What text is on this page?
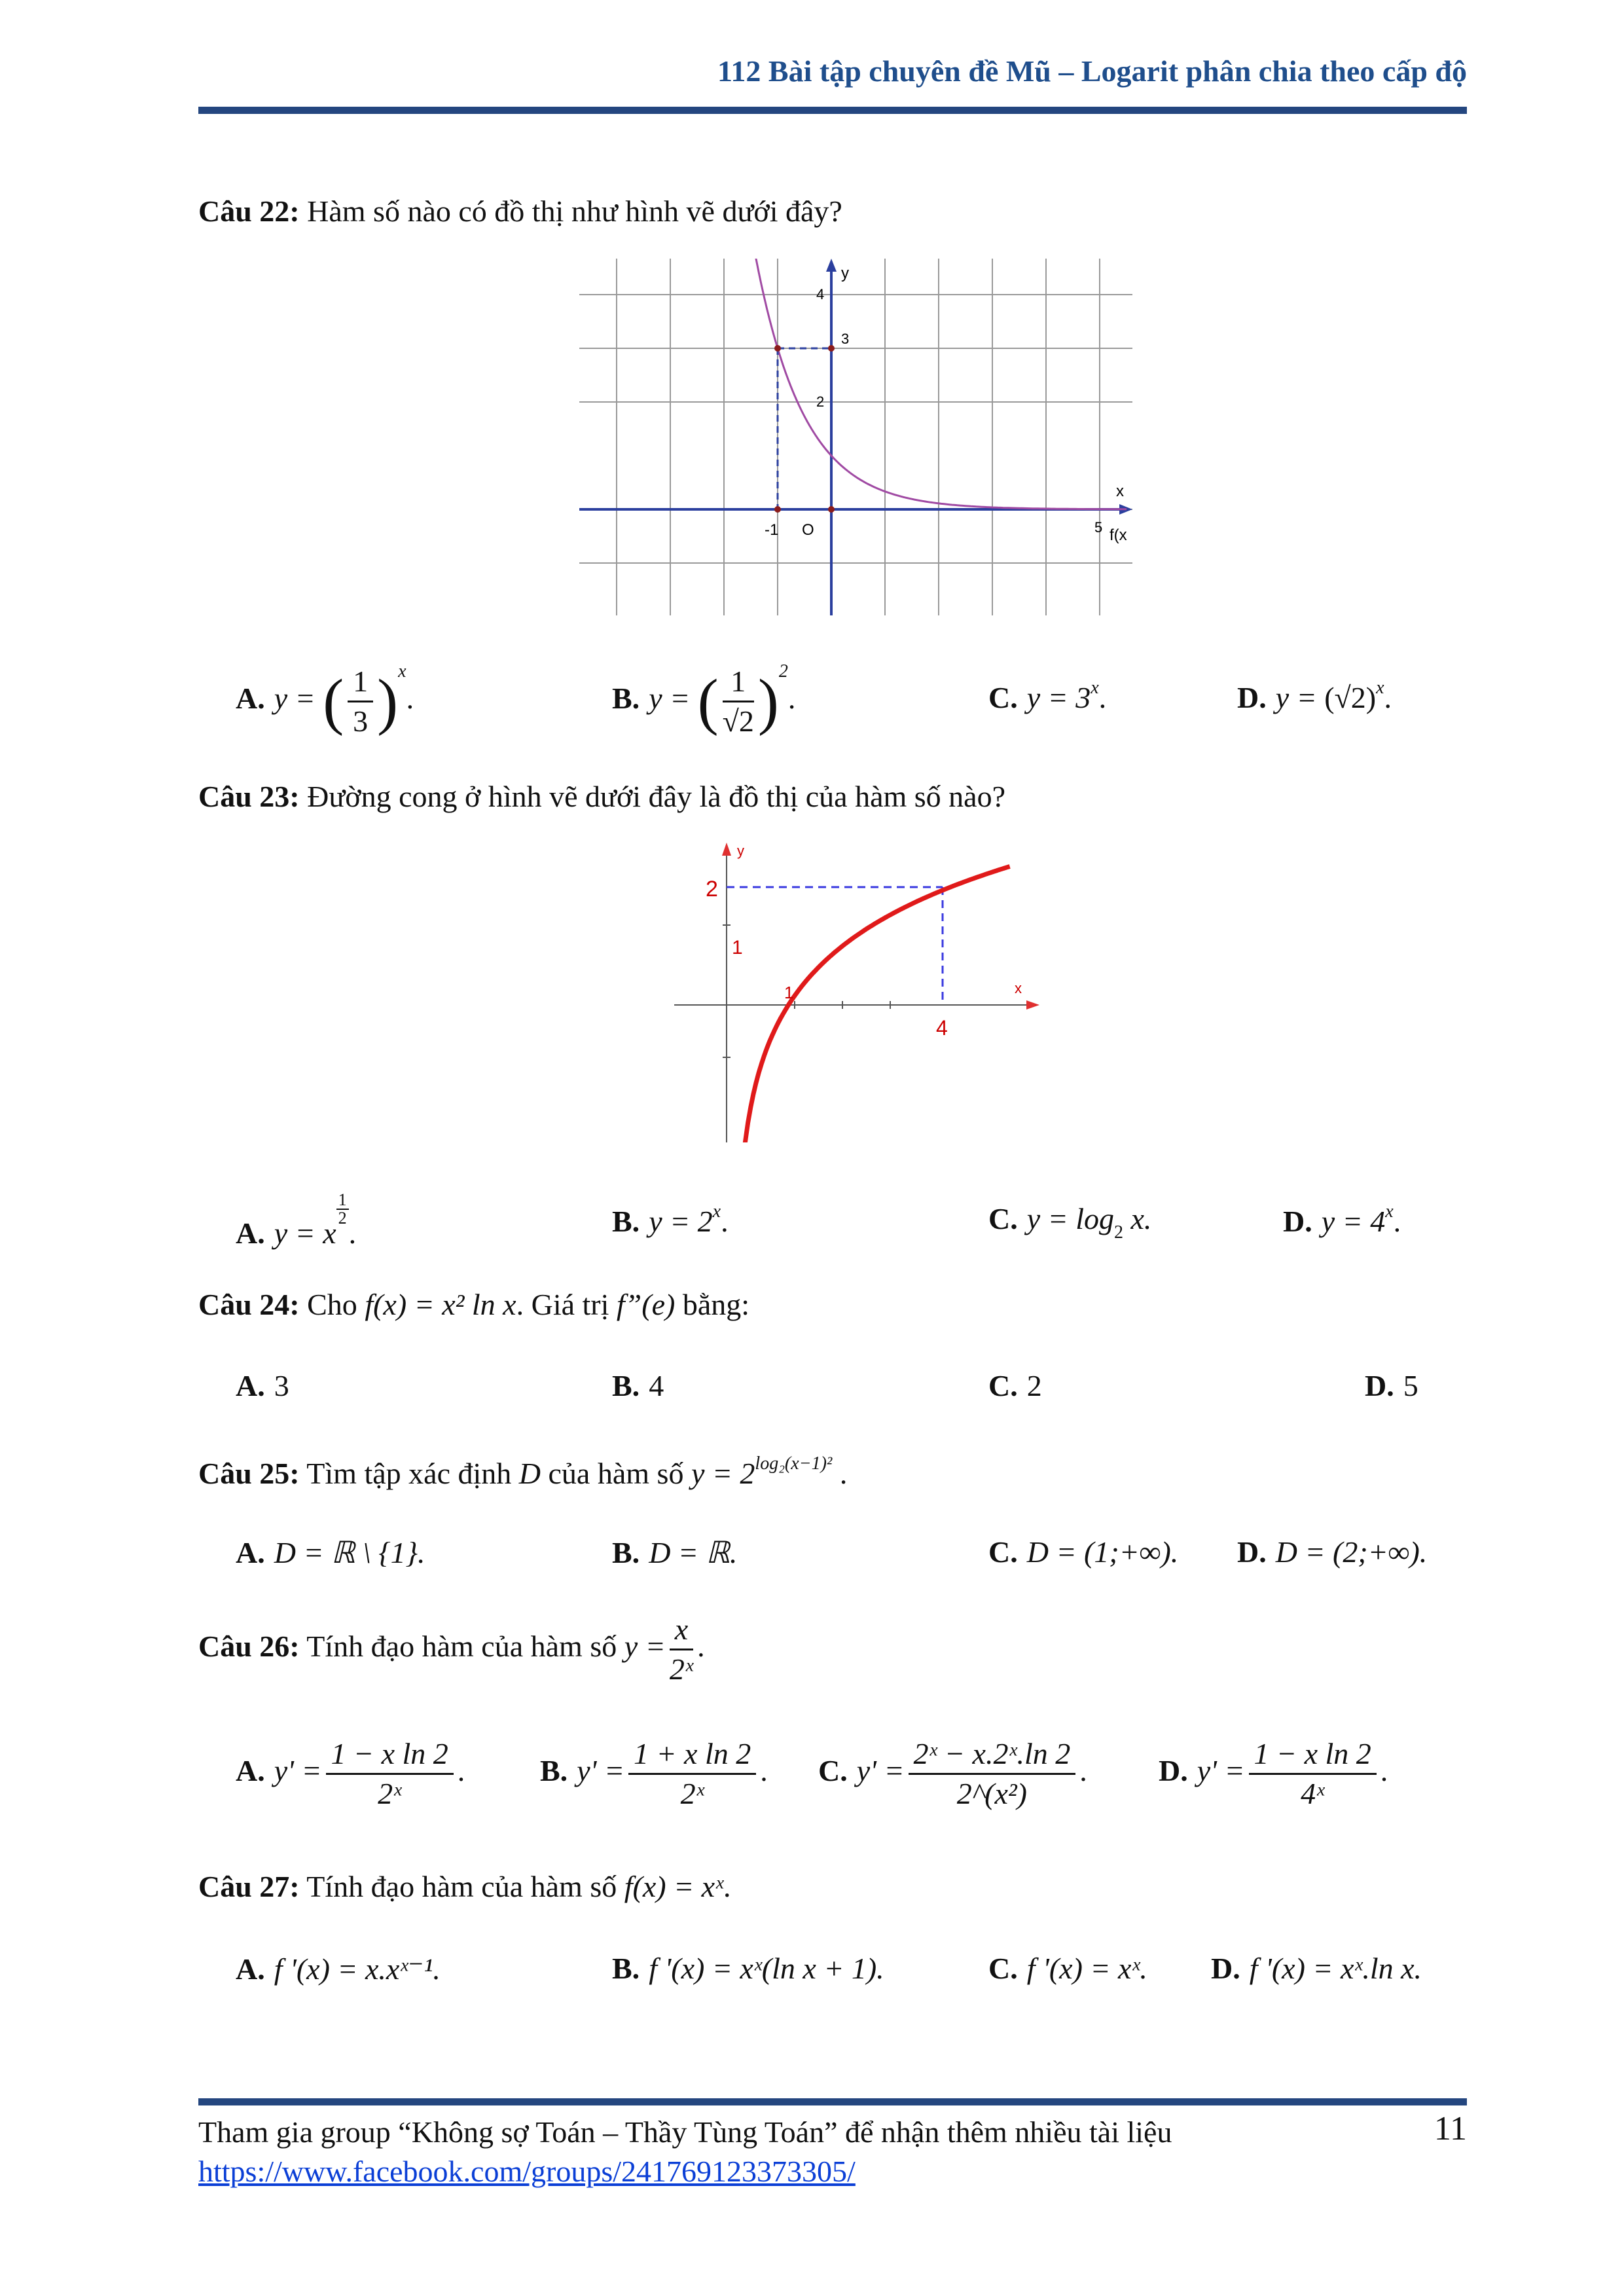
112 Bài tập chuyên đề Mũ – Logarit phân chia theo cấp độ
Câu 22: Hàm số nào có đồ thị như hình vẽ dưới đây?
y
4
3
2
x
-1 O	5 f(x
A. y = ( $\frac{1}{3} )^x$.	B. y = ( $\frac{1}{√2} )^2$.	C. $y = 3^x$.	D. $y = (√2)^x$.
Câu 23: Đường cong ở hình vẽ dưới đây là đồ thị của hàm số nào?
y
x
2
1
1
4
A. y = x
$\frac{1}{2}$
.	B. $y = 2^x$.	C. $y = \log_2 x$.	D. $y = 4^x$.
Câu 24: Cho f(x) = x² ln x. Giá trị f”(e) bằng:
A. 3	B. 4	C. 2	D. 5
Câu 25: Tìm tập xác định D của hàm số $y = 2^{log_2(x-1)^2}$ .
A. D = ℝ \ {1}.	B. D = ℝ.	C. D = (1;+∞). D. D = (2;+∞).
Câu 26: Tính đạo hàm của hàm số $y = \frac{x}{\text{2ˣ}}$ .
A. $y' = \frac{\text{1 − x ln 2}}{\text{2ˣ}}$ . B. $y' = \frac{\text{1 + x ln 2}}{\text{2ˣ}}$ . C. $y' = \frac{\text{2ˣ − x.2ˣ.ln 2}}{\text{2\textasciicircum{}(x²)}}$ . D. $y' = \frac{\text{1 − x ln 2}}{\text{4ˣ}}$ .
Câu 27: Tính đạo hàm của hàm số f(x) = xˣ.
A. f '(x) = x.xˣ⁻¹.	B. f '(x) = xˣ(ln x + 1).	C. f '(x) = xˣ. D. f '(x) = xˣ.ln x.
Tham gia group “Không sợ Toán – Thầy Tùng Toán” để nhận thêm nhiều tài liệu
https://www.facebook.com/groups/241769123373305/
11
